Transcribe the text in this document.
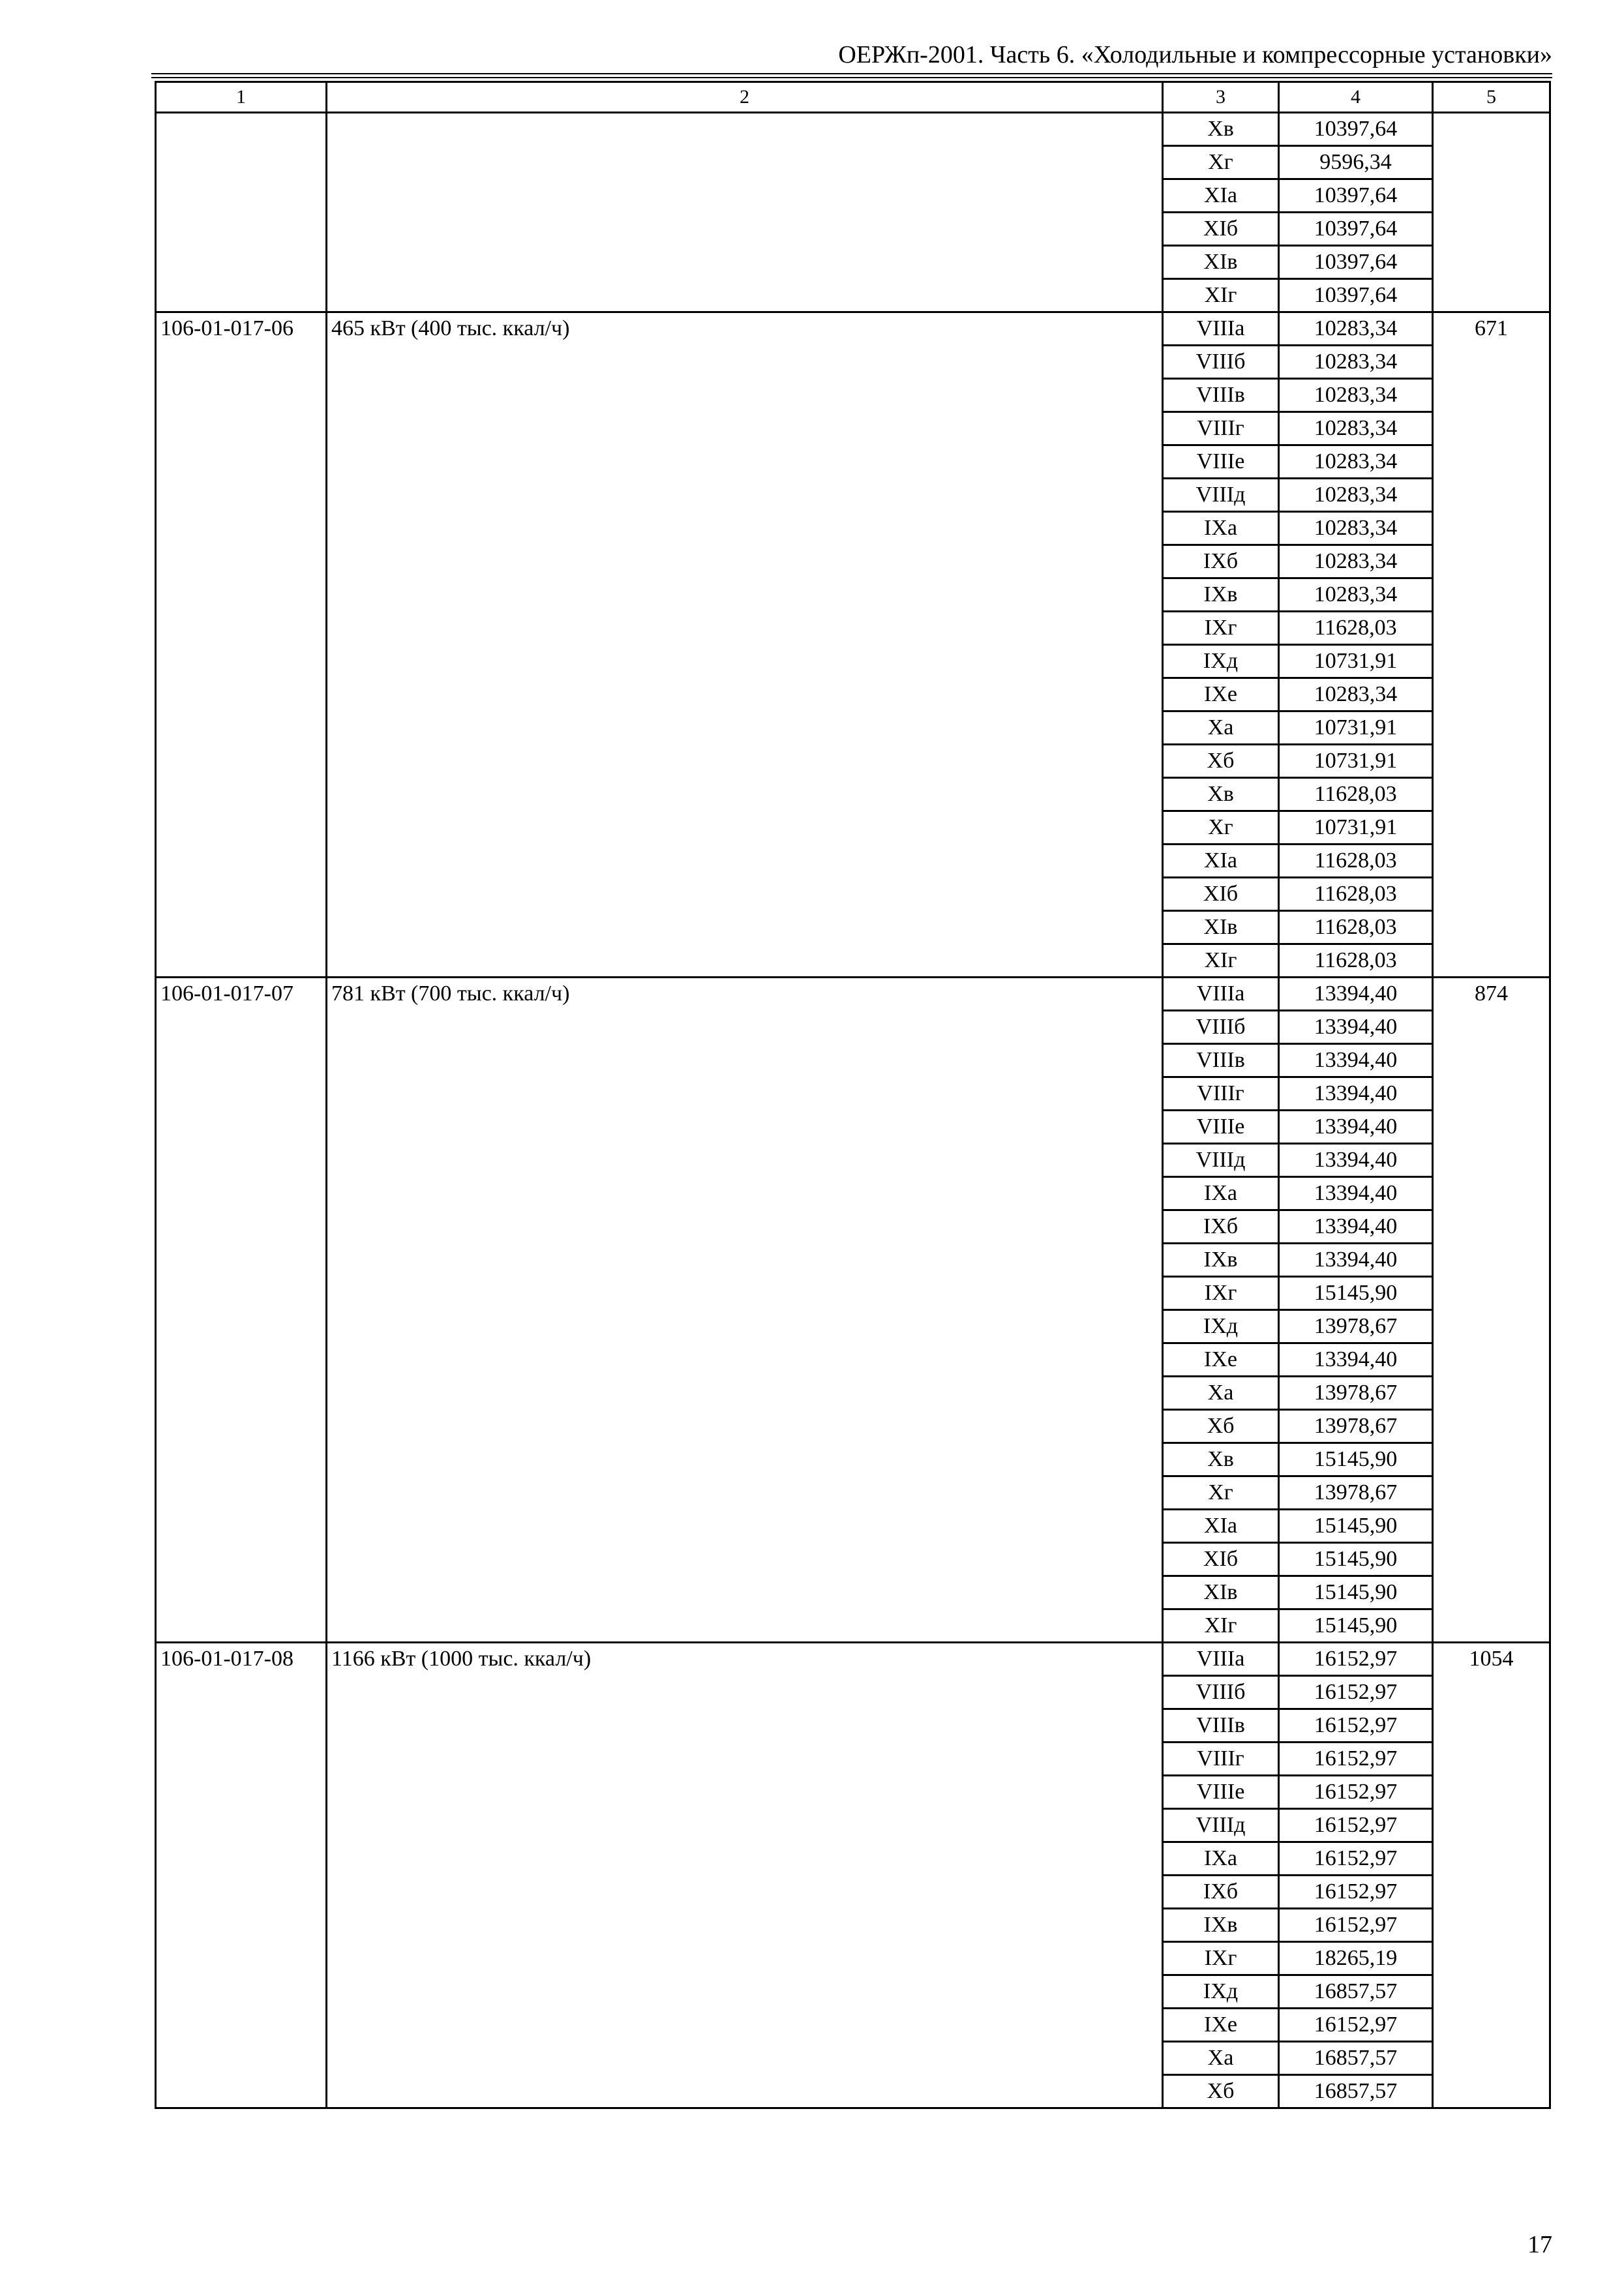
ОЕРЖп-2001. Часть 6. «Холодильные и компрессорные установки»
1	2	3	4	5
		Хв	10397,64	
		Хг	9596,34	
		ХIа	10397,64	
		ХIб	10397,64	
		ХIв	10397,64	
		ХIг	10397,64	
106-01-017-06	465 кВт (400 тыс. ккал/ч)	VIIIа	10283,34	671
		VIIIб	10283,34	
		VIIIв	10283,34	
		VIIIг	10283,34	
		VIIIе	10283,34	
		VIIIд	10283,34	
		IХа	10283,34	
		IХб	10283,34	
		IХв	10283,34	
		IХг	11628,03	
		IХд	10731,91	
		IХе	10283,34	
		Ха	10731,91	
		Хб	10731,91	
		Хв	11628,03	
		Хг	10731,91	
		ХIа	11628,03	
		ХIб	11628,03	
		ХIв	11628,03	
		ХIг	11628,03	
106-01-017-07	781 кВт (700 тыс. ккал/ч)	VIIIа	13394,40	874
		VIIIб	13394,40	
		VIIIв	13394,40	
		VIIIг	13394,40	
		VIIIе	13394,40	
		VIIIд	13394,40	
		IХа	13394,40	
		IХб	13394,40	
		IХв	13394,40	
		IХг	15145,90	
		IХд	13978,67	
		IХе	13394,40	
		Ха	13978,67	
		Хб	13978,67	
		Хв	15145,90	
		Хг	13978,67	
		ХIа	15145,90	
		ХIб	15145,90	
		ХIв	15145,90	
		ХIг	15145,90	
106-01-017-08	1166 кВт (1000 тыс. ккал/ч)	VIIIа	16152,97	1054
		VIIIб	16152,97	
		VIIIв	16152,97	
		VIIIг	16152,97	
		VIIIе	16152,97	
		VIIIд	16152,97	
		IХа	16152,97	
		IХб	16152,97	
		IХв	16152,97	
		IХг	18265,19	
		IХд	16857,57	
		IХе	16152,97	
		Ха	16857,57	
		Хб	16857,57	
17
